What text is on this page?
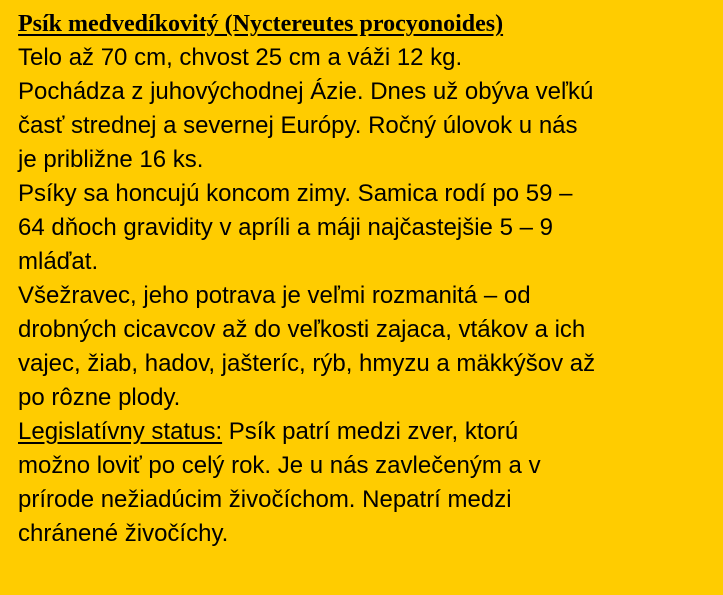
Psík medvedíkovitý (Nyctereutes procyonoides)

Telo až 70 cm, chvost 25 cm a váži 12 kg.
Pochádza z juhovýchodnej Ázie. Dnes už obýva veľkú
časť strednej a severnej Európy. Ročný úlovok u nás
je približne 16 ks.
Psíky sa honcujú koncom zimy. Samica rodí po 59 –
64 dňoch gravidity v apríli a máji najčastejšie 5 – 9
mláďat.
Všežravec, jeho potrava je veľmi rozmanitá – od
drobných cicavcov až do veľkosti zajaca, vtákov a ich
vajec, žiab, hadov, jašteríc, rýb, hmyzu a mäkkýšov až
po rôzne plody.
Legislatívny status: Psík patrí medzi zver, ktorú
možno loviť po celý rok. Je u nás zavlečeným a v
prírode nežiadúcim živočíchom. Nepatrí medzi
chránené živočíchy.
